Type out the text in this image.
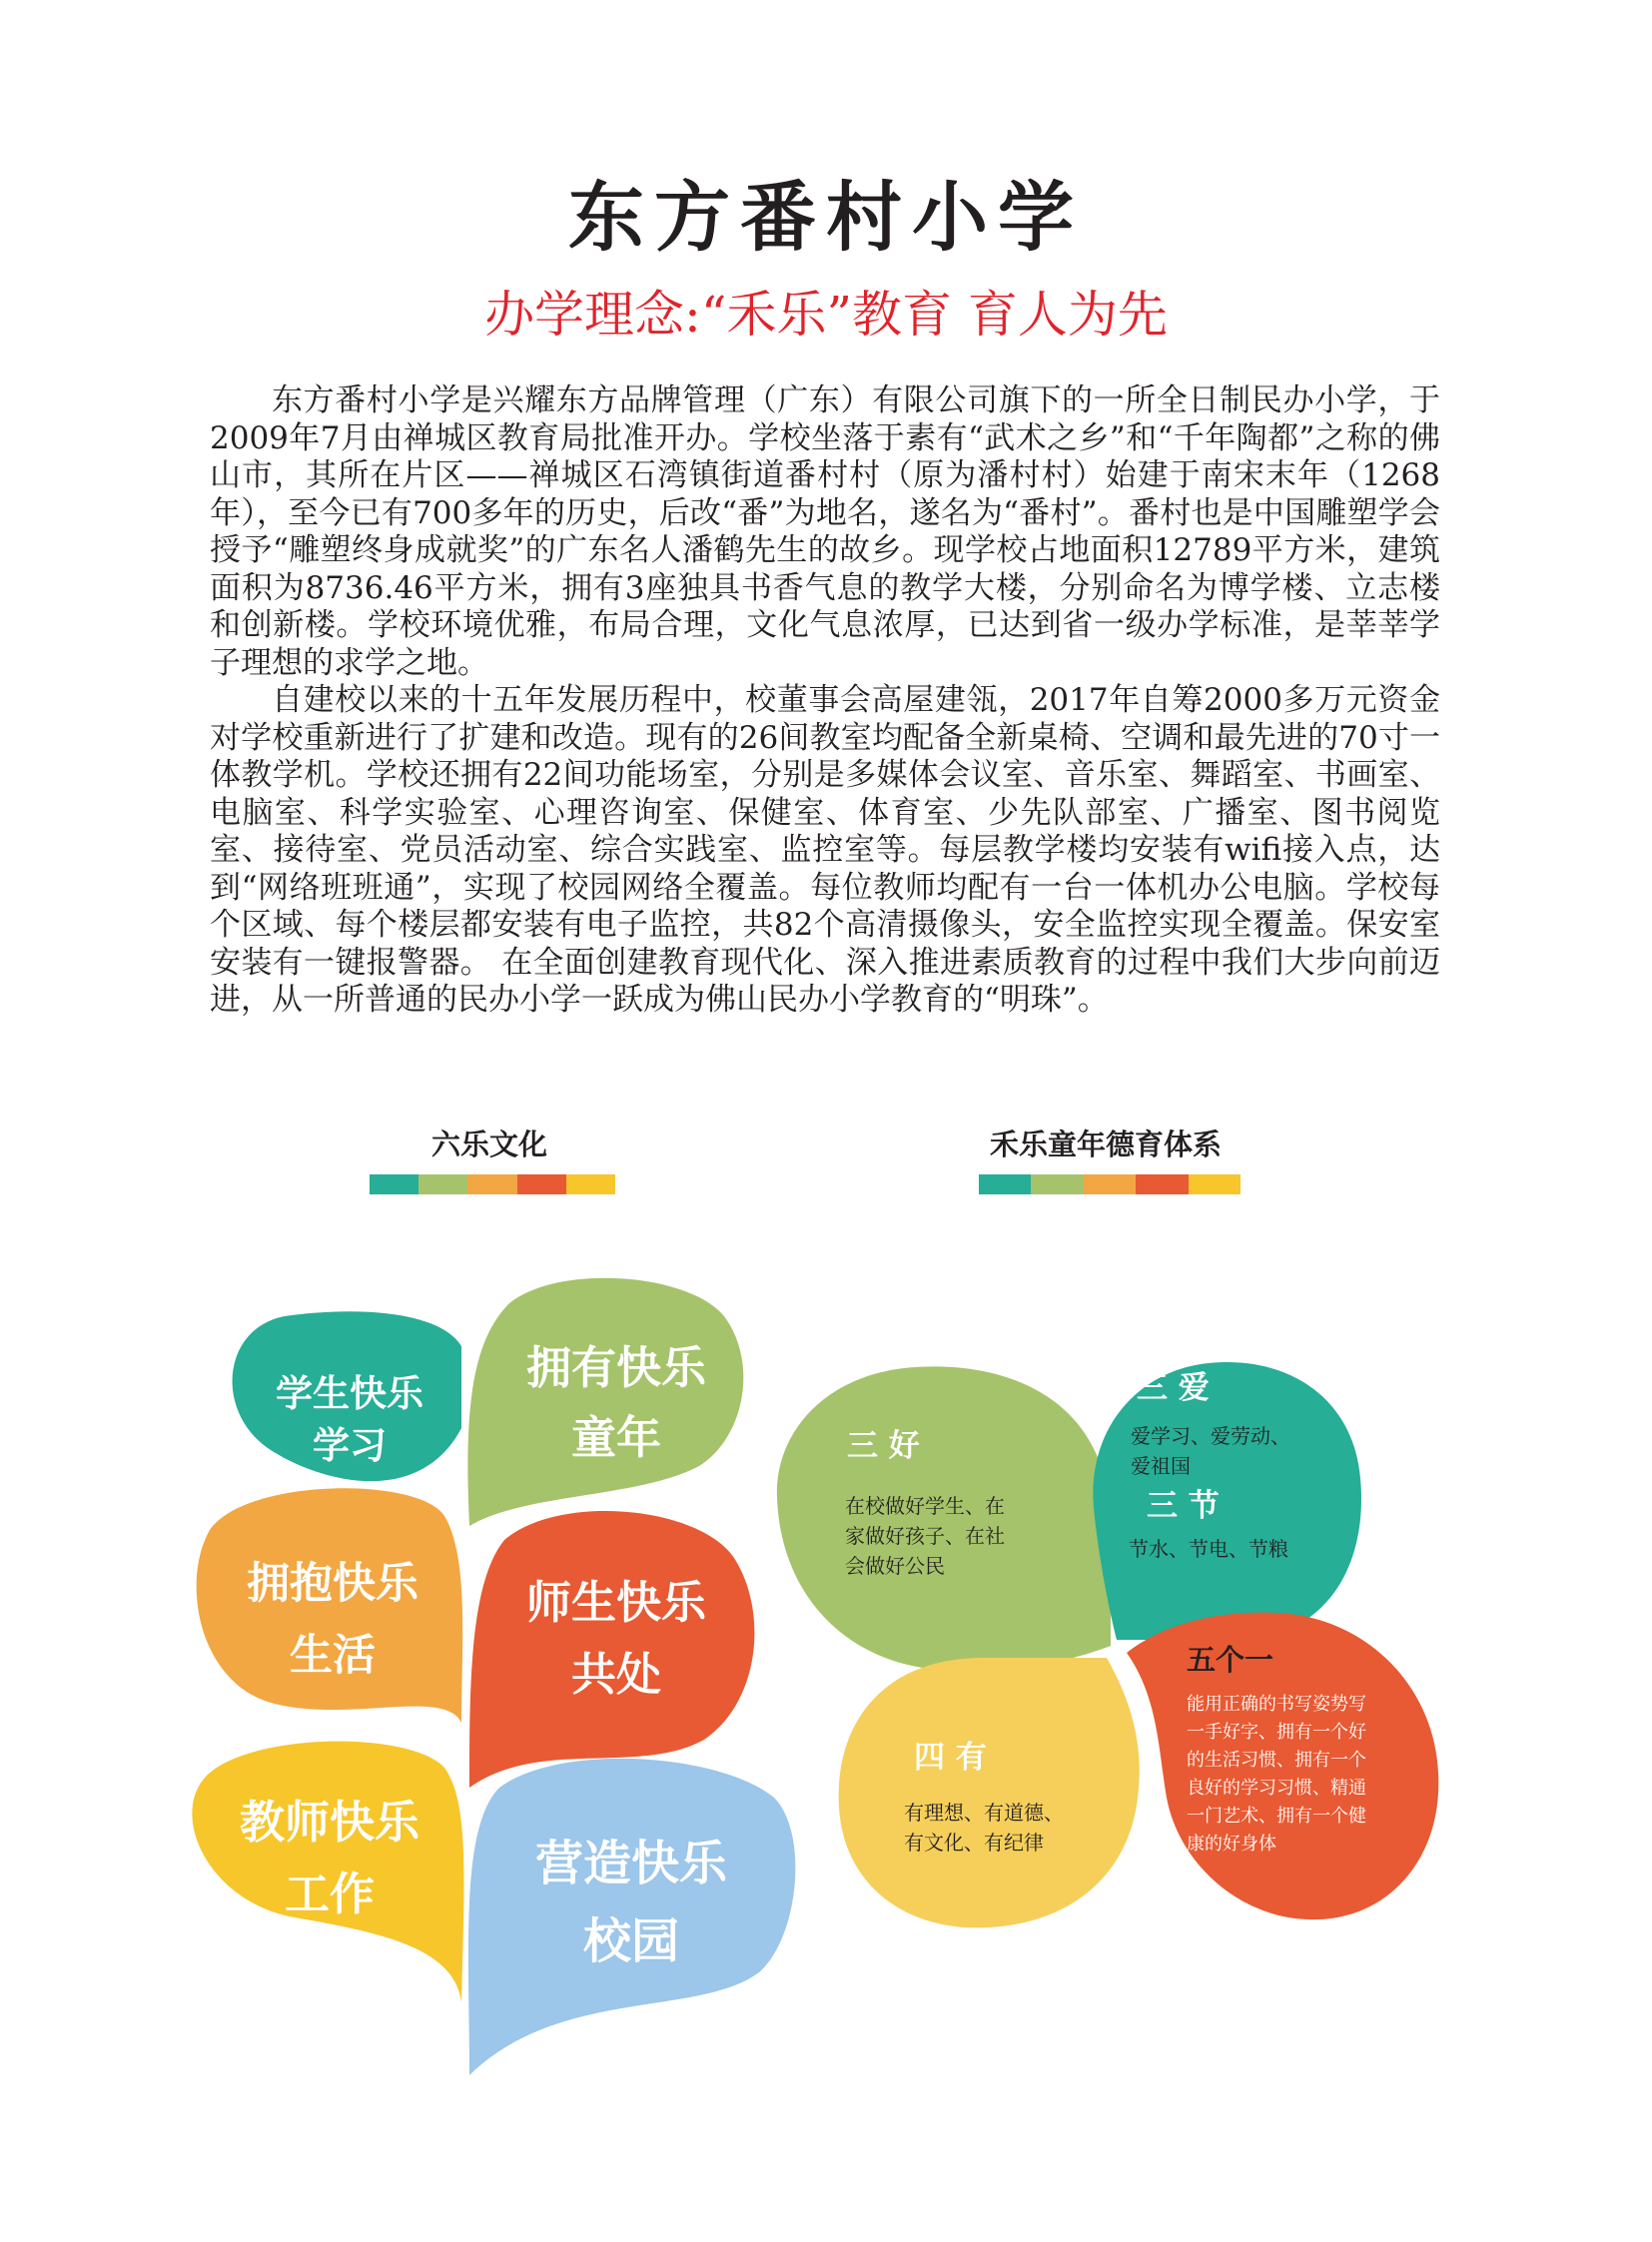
东方番村小学
办学理念:“禾乐”教育 育人为先

东方番村小学是兴耀东方品牌管理（广东）有限公司旗下的一所全日制民办小学，于2009年7月由禅城区教育局批准开办。学校坐落于素有“武术之乡”和“千年陶都”之称的佛山市，其所在片区——禅城区石湾镇街道番村村（原为潘村村）始建于南宋末年（1268年），至今已有700多年的历史，后改“番”为地名，遂名为“番村”。番村也是中国雕塑学会授予“雕塑终身成就奖”的广东名人潘鹤先生的故乡。现学校占地面积12789平方米，建筑面积为8736.46平方米，拥有3座独具书香气息的教学大楼，分别命名为博学楼、立志楼和创新楼。学校环境优雅，布局合理，文化气息浓厚，已达到省一级办学标准，是莘莘学子理想的求学之地。

自建校以来的十五年发展历程中，校董事会高屋建瓴，2017年自筹2000多万元资金对学校重新进行了扩建和改造。现有的26间教室均配备全新桌椅、空调和最先进的70寸一体教学机。学校还拥有22间功能场室，分别是多媒体会议室、音乐室、舞蹈室、书画室、电脑室、科学实验室、心理咨询室、保健室、体育室、少先队部室、广播室、图书阅览室、接待室、党员活动室、综合实践室、监控室等。每层教学楼均安装有wifi接入点，达到“网络班班通”，实现了校园网络全覆盖。每位教师均配有一台一体机办公电脑。学校每个区域、每个楼层都安装有电子监控，共82个高清摄像头，安全监控实现全覆盖。保安室安装有一键报警器。 在全面创建教育现代化、深入推进素质教育的过程中我们大步向前迈进，从一所普通的民办小学一跃成为佛山民办小学教育的“明珠”。

六乐文化	禾乐童年德育体系
学生快乐
学习
拥有快乐
童年
拥抱快乐
生活
师生快乐
共处
教师快乐
工作
营造快乐
校园
三 好
在校做好学生、在
家做好孩子、在社
会做好公民
三 爱
爱学习、爱劳动、
爱祖国
三 节
节水、节电、节粮
四 有
有理想、有道德、
有文化、有纪律
五个一
能用正确的书写姿势写
一手好字、拥有一个好
的生活习惯、拥有一个
良好的学习习惯、精通
一门艺术、拥有一个健
康的好身体
